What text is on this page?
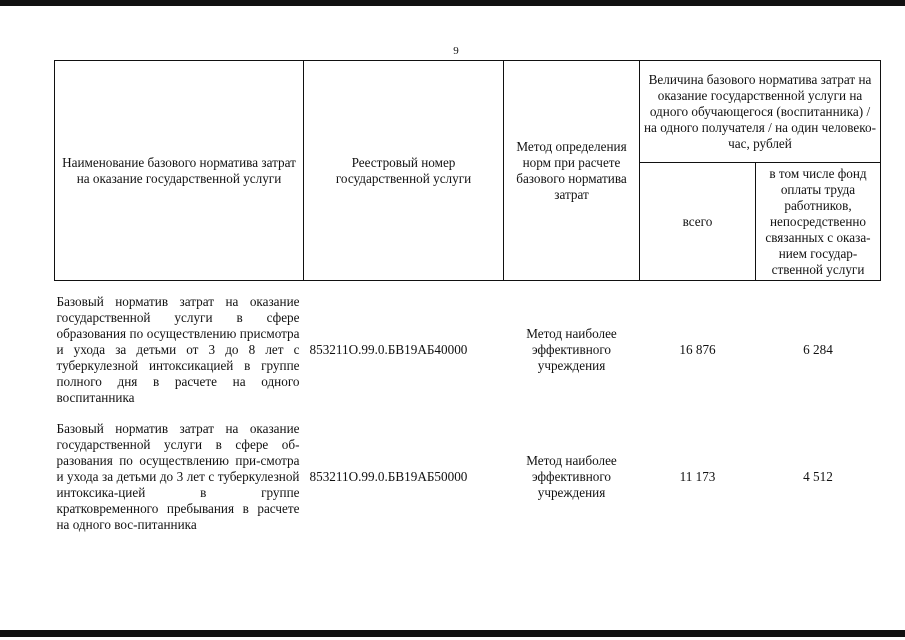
9
Наименование базового норматива затрат на оказание государственной услуги	Реестровый номер государственной услуги	Метод определения норм при расчете базового норматива затрат	Величина базового норматива затрат на оказание государственной услуги на одного обучающегося (воспитанника) / на одного получателя / на один человеко-час, рублей	
			всего	в том числе фонд оплаты труда работников, непосредственно связанных с оказа-нием государ-ственной услуги
Базовый норматив затрат на оказание государственной услуги в сфере образования по осуществлению присмотра и ухода за детьми от 3 до 8 лет с туберкулезной интоксикацией в группе полного дня в расчете на одного воспитанника	853211О.99.0.БВ19АБ40000	Метод наиболее эффективного учреждения	16 876	6 284
Базовый норматив затрат на оказание государственной услуги в сфере об-разования по осуществлению при-смотра и ухода за детьми до 3 лет с туберкулезной интоксика-цией в группе кратковременного пребывания в расчете на одного вос-питанника	853211О.99.0.БВ19АБ50000	Метод наиболее эффективного учреждения	11 173	4 512
